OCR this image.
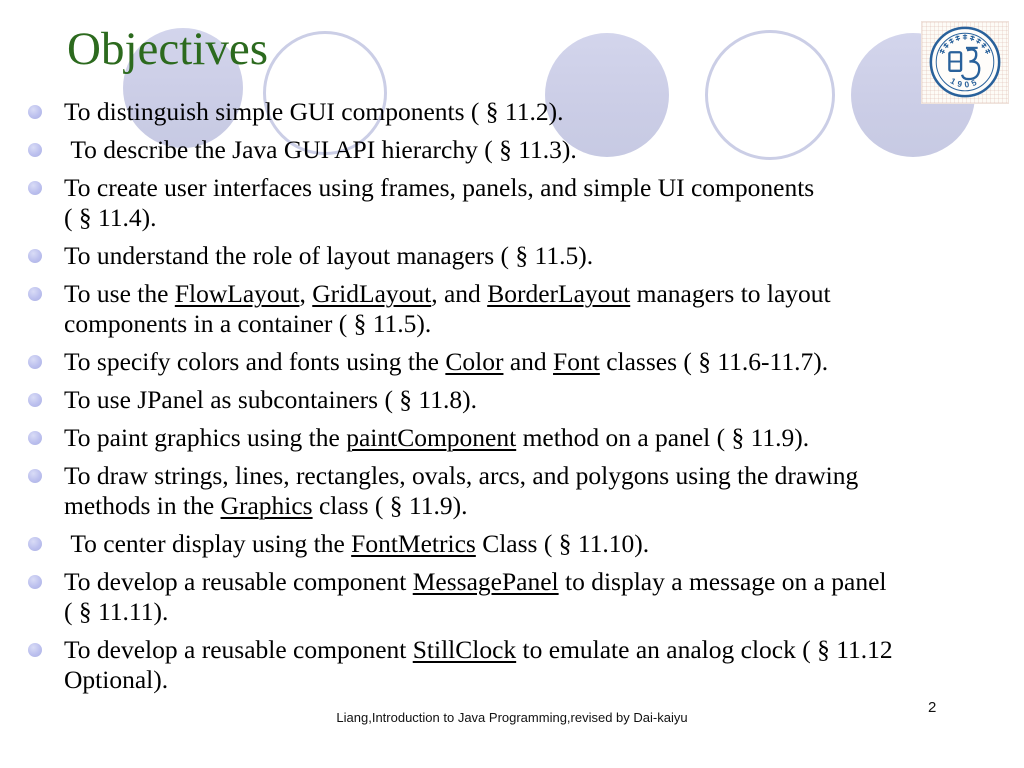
1905
Objectives
To distinguish simple GUI components ( § 11.2).
To describe the Java GUI API hierarchy ( § 11.3).
To create user interfaces using frames, panels, and simple UI components
( § 11.4).
To understand the role of layout managers ( § 11.5).
To use the FlowLayout, GridLayout, and BorderLayout managers to layout
components in a container ( § 11.5).
To specify colors and fonts using the Color and Font classes ( § 11.6-11.7).
To use JPanel as subcontainers ( § 11.8).
To paint graphics using the paintComponent method on a panel ( § 11.9).
To draw strings, lines, rectangles, ovals, arcs, and polygons using the drawing
methods in the Graphics class ( § 11.9).
To center display using the FontMetrics Class ( § 11.10).
To develop a reusable component MessagePanel to display a message on a panel
( § 11.11).
To develop a reusable component StillClock to emulate an analog clock ( § 11.12
Optional).
Liang,Introduction to Java Programming,revised by Dai-kaiyu
2
